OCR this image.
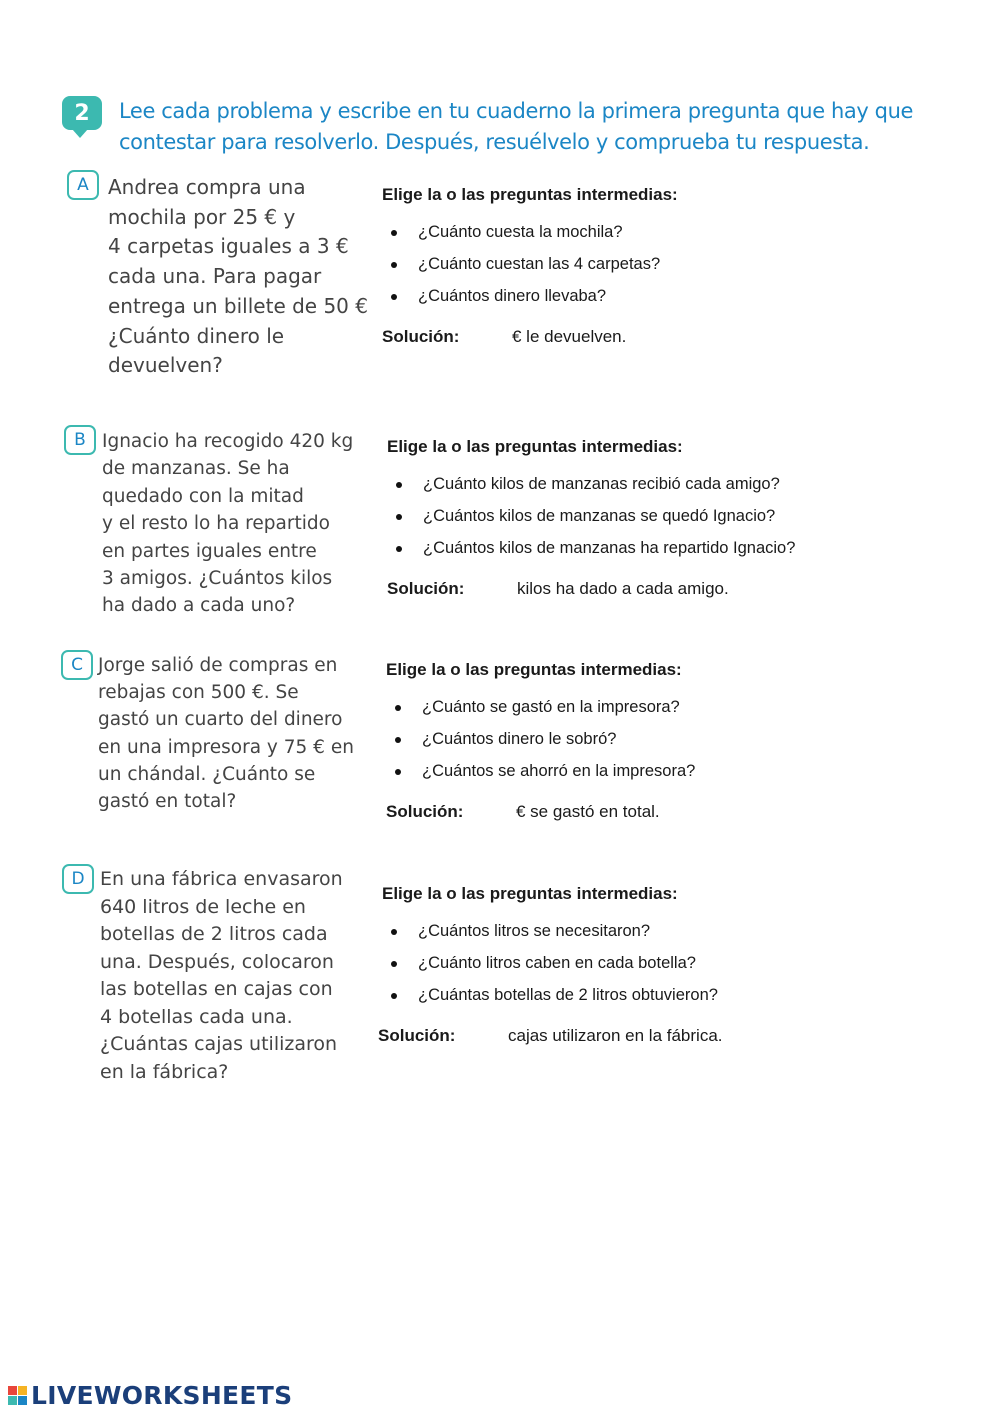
2 Lee cada problema y escribe en tu cuaderno la primera pregunta que hay que contestar para resolverlo. Después, resuélvelo y comprueba tu respuesta.
A Andrea compra una
mochila por 25 € y
4 carpetas iguales a 3 €
cada una. Para pagar
entrega un billete de 50 €
¿Cuánto dinero le
devuelven?

Elige la o las preguntas intermedias:

¿Cuánto cuesta la mochila?
¿Cuánto cuestan las 4 carpetas?
¿Cuántos dinero llevaba?
Solución:	€ le devuelven.
B Ignacio ha recogido 420 kg
de manzanas. Se ha
quedado con la mitad
y el resto lo ha repartido
en partes iguales entre
3 amigos. ¿Cuántos kilos
ha dado a cada uno?

Elige la o las preguntas intermedias:

¿Cuánto kilos de manzanas recibió cada amigo?
¿Cuántos kilos de manzanas se quedó Ignacio?
¿Cuántos kilos de manzanas ha repartido Ignacio?
Solución:	kilos ha dado a cada amigo.
C Jorge salió de compras en
rebajas con 500 €. Se
gastó un cuarto del dinero
en una impresora y 75 € en
un chándal. ¿Cuánto se
gastó en total?

Elige la o las preguntas intermedias:

¿Cuánto se gastó en la impresora?
¿Cuántos dinero le sobró?
¿Cuántos se ahorró en la impresora?
Solución:	€ se gastó en total.
D En una fábrica envasaron
640 litros de leche en
botellas de 2 litros cada
una. Después, colocaron
las botellas en cajas con
4 botellas cada una.
¿Cuántas cajas utilizaron
en la fábrica?

Elige la o las preguntas intermedias:

¿Cuántos litros se necesitaron?
¿Cuánto litros caben en cada botella?
¿Cuántas botellas de 2 litros obtuvieron?
Solución:	cajas utilizaron en la fábrica.
LIVEWORKSHEETS
